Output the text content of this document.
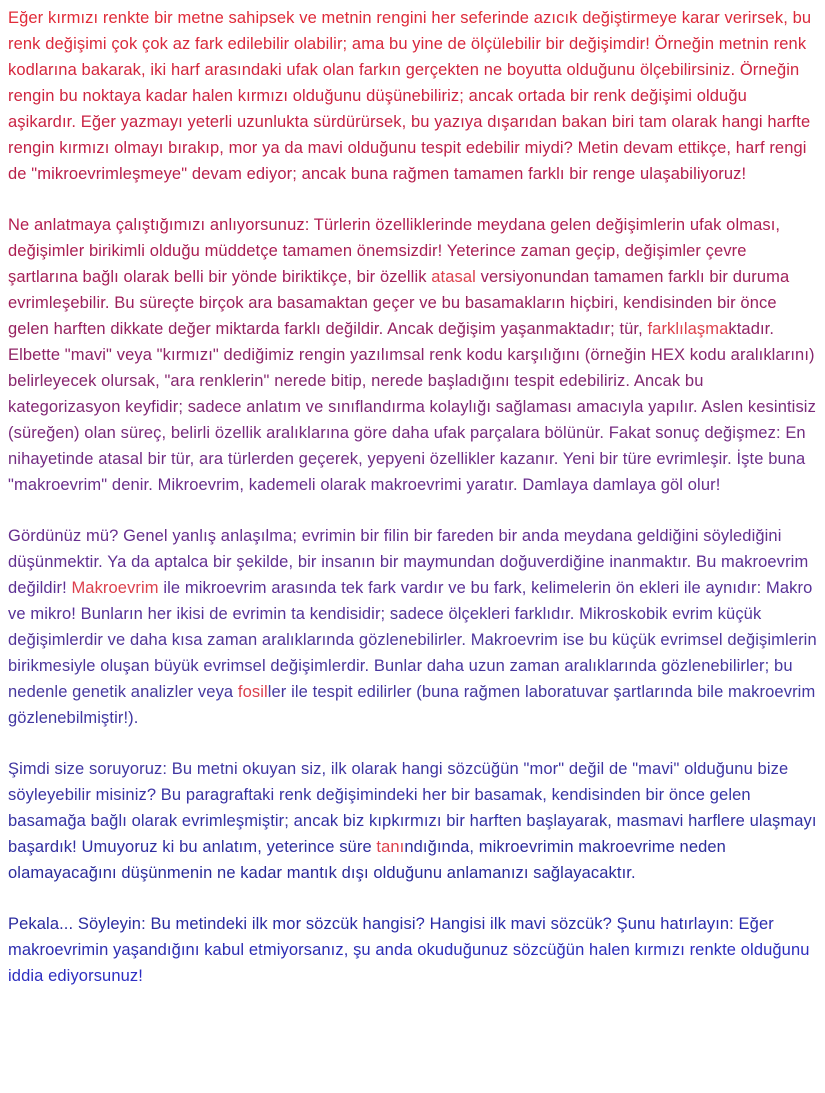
Eğer kırmızı renkte bir metne sahipsek ve metnin rengini her seferinde azıcık değiştirmeye karar verirsek, bu renk değişimi çok çok az fark edilebilir olabilir; ama bu yine de ölçülebilir bir değişimdir! Örneğin metnin renk kodlarına bakarak, iki harf arasındaki ufak olan farkın gerçekten ne boyutta olduğunu ölçebilirsiniz. Örneğin rengin bu noktaya kadar halen kırmızı olduğunu düşünebiliriz; ancak ortada bir renk değişimi olduğu aşikardır. Eğer yazmayı yeterli uzunlukta sürdürürsek, bu yazıya dışarıdan bakan biri tam olarak hangi harfte rengin kırmızı olmayı bırakıp, mor ya da mavi olduğunu tespit edebilir miydi? Metin devam ettikçe, harf rengi de "mikroevrimleşmeye" devam ediyor; ancak buna rağmen tamamen farklı bir renge ulaşabiliyoruz!

Ne anlatmaya çalıştığımızı anlıyorsunuz: Türlerin özelliklerinde meydana gelen değişimlerin ufak olması, değişimler birikimli olduğu müddetçe tamamen önemsizdir! Yeterince zaman geçip, değişimler çevre şartlarına bağlı olarak belli bir yönde biriktikçe, bir özellik atasal versiyonundan tamamen farklı bir duruma evrimleşebilir. Bu süreçte birçok ara basamaktan geçer ve bu basamakların hiçbiri, kendisinden bir önce gelen harften dikkate değer miktarda farklı değildir. Ancak değişim yaşanmaktadır; tür, farklılaşmaktadır. Elbette "mavi" veya "kırmızı" dediğimiz rengin yazılımsal renk kodu karşılığını (örneğin HEX kodu aralıklarını) belirleyecek olursak, "ara renklerin" nerede bitip, nerede başladığını tespit edebiliriz. Ancak bu kategorizasyon keyfidir; sadece anlatım ve sınıflandırma kolaylığı sağlaması amacıyla yapılır. Aslen kesintisiz (süreğen) olan süreç, belirli özellik aralıklarına göre daha ufak parçalara bölünür. Fakat sonuç değişmez: En nihayetinde atasal bir tür, ara türlerden geçerek, yepyeni özellikler kazanır. Yeni bir türe evrimleşir. İşte buna "makroevrim" denir. Mikroevrim, kademeli olarak makroevrimi yaratır. Damlaya damlaya göl olur!

Gördünüz mü? Genel yanlış anlaşılma; evrimin bir filin bir fareden bir anda meydana geldiğini söylediğini düşünmektir. Ya da aptalca bir şekilde, bir insanın bir maymundan doğuverdiğine inanmaktır. Bu makroevrim değildir! Makroevrim ile mikroevrim arasında tek fark vardır ve bu fark, kelimelerin ön ekleri ile aynıdır: Makro ve mikro! Bunların her ikisi de evrimin ta kendisidir; sadece ölçekleri farklıdır. Mikroskobik evrim küçük değişimlerdir ve daha kısa zaman aralıklarında gözlenebilirler. Makroevrim ise bu küçük evrimsel değişimlerin birikmesiyle oluşan büyük evrimsel değişimlerdir. Bunlar daha uzun zaman aralıklarında gözlenebilirler; bu nedenle genetik analizler veya fosiller ile tespit edilirler (buna rağmen laboratuvar şartlarında bile makroevrim gözlenebilmiştir!).

Şimdi size soruyoruz: Bu metni okuyan siz, ilk olarak hangi sözcüğün "mor" değil de "mavi" olduğunu bize söyleyebilir misiniz? Bu paragraftaki renk değişimindeki her bir basamak, kendisinden bir önce gelen basamağa bağlı olarak evrimleşmiştir; ancak biz kıpkırmızı bir harften başlayarak, masmavi harflere ulaşmayı başardık! Umuyoruz ki bu anlatım, yeterince süre tanındığında, mikroevrimin makroevrime neden olamayacağını düşünmenin ne kadar mantık dışı olduğunu anlamanızı sağlayacaktır.

Pekala... Söyleyin: Bu metindeki ilk mor sözcük hangisi? Hangisi ilk mavi sözcük? Şunu hatırlayın: Eğer makroevrimin yaşandığını kabul etmiyorsanız, şu anda okuduğunuz sözcüğün halen kırmızı renkte olduğunu iddia ediyorsunuz!
